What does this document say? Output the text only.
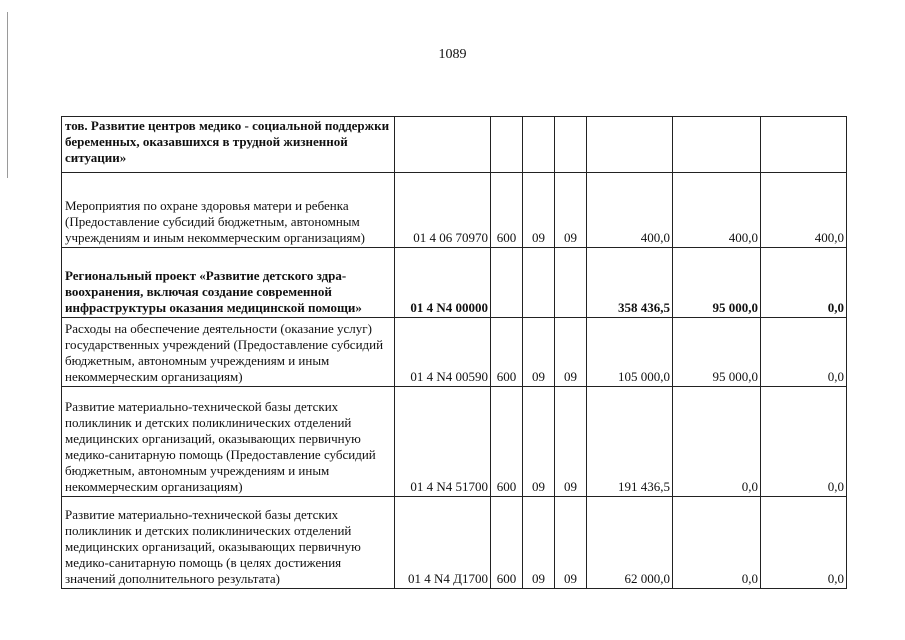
1089
тов. Развитие центров медико - социальной поддержки беременных, оказавшихся в трудной жизненной ситуации»							
Мероприятия по охране здоровья матери и ребенка (Предоставление субсидий бюджетным, автономным учреждениям и иным некоммерческим организациям)	01 4 06 70970	600	09	09	400,0	400,0	400,0
Региональный проект «Развитие детского здравоохранения, включая создание современной инфраструктуры оказания медицинской помощи»	01 4 N4 00000				358 436,5	95 000,0	0,0
Расходы на обеспечение деятельности (оказание услуг) государственных учреждений (Предоставление субсидий бюджетным, автономным учреждениям и иным некоммерческим организациям)	01 4 N4 00590	600	09	09	105 000,0	95 000,0	0,0
Развитие материально-технической базы детских поликлиник и детских поликлинических отделений медицинских организаций, оказывающих первичную медико-санитарную помощь (Предоставление субсидий бюджетным, автономным учреждениям и иным некоммерческим организациям)	01 4 N4 51700	600	09	09	191 436,5	0,0	0,0
Развитие материально-технической базы детских поликлиник и детских поликлинических отделений медицинских организаций, оказывающих первичную медико-санитарную помощь (в целях достижения значений дополнительного результата)	01 4 N4 Д1700	600	09	09	62 000,0	0,0	0,0
